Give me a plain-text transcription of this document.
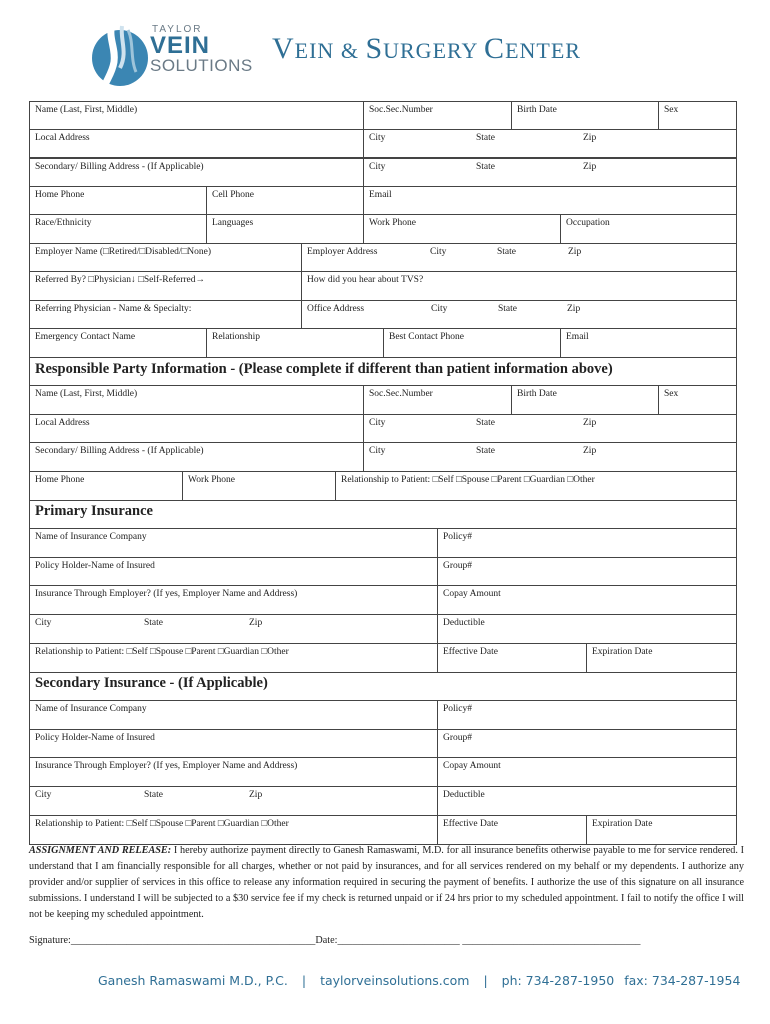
TAYLOR
VEIN
SOLUTIONS
VEIN & SURGERY CENTER
Name (Last, First, Middle)	Soc.Sec.Number	Birth Date	Sex
Local Address	City	State	Zip
Secondary/ Billing Address - (If Applicable)	City	State	Zip
Home Phone	Cell Phone	Email
Race/Ethnicity	Languages	Work Phone	Occupation
Employer Name (□Retired/□Disabled/□None)	Employer Address	City	State	Zip
Referred By? □Physician↓ □Self-Referred→	How did you hear about TVS?
Referring Physician - Name & Specialty:	Office Address	City	State	Zip
Emergency Contact Name	Relationship	Best Contact Phone	Email
Responsible Party Information - (Please complete if different than patient information above)
Name (Last, First, Middle)	Soc.Sec.Number	Birth Date	Sex
Local Address	City	State	Zip
Secondary/ Billing Address - (If Applicable)	City	State	Zip
Home Phone	Work Phone	Relationship to Patient: □Self □Spouse □Parent □Guardian □Other
Primary Insurance
Name of Insurance Company	Policy#
Policy Holder-Name of Insured	Group#
Insurance Through Employer? (If yes, Employer Name and Address)	Copay Amount
City	State	Zip	Deductible
Relationship to Patient: □Self □Spouse □Parent □Guardian □Other	Effective Date	Expiration Date
Secondary Insurance - (If Applicable)
Name of Insurance Company	Policy#
Policy Holder-Name of Insured	Group#
Insurance Through Employer? (If yes, Employer Name and Address)	Copay Amount
City	State	Zip	Deductible
Relationship to Patient: □Self □Spouse □Parent □Guardian □Other	Effective Date	Expiration Date
ASSIGNMENT AND RELEASE: I hereby authorize payment directly to Ganesh Ramaswami, M.D. for all insurance benefits otherwise payable to me for service rendered. I understand that I am financially responsible for all charges, whether or not paid by insurances, and for all services rendered on my behalf or my dependents. I authorize any provider and/or supplier of services in this office to release any information required in securing the payment of benefits. I authorize the use of this signature on all insurance submissions. I understand I will be subjected to a $30 service fee if my check is returned unpaid or if 24 hrs prior to my scheduled appointment. I fail to notify the office I will not be keeping my scheduled appointment.
Signature:________________________________________________Date:________________________ ___________________________________
Ganesh Ramaswami M.D., P.C. | taylorveinsolutions.com | ph: 734-287-1950 fax: 734-287-1954
